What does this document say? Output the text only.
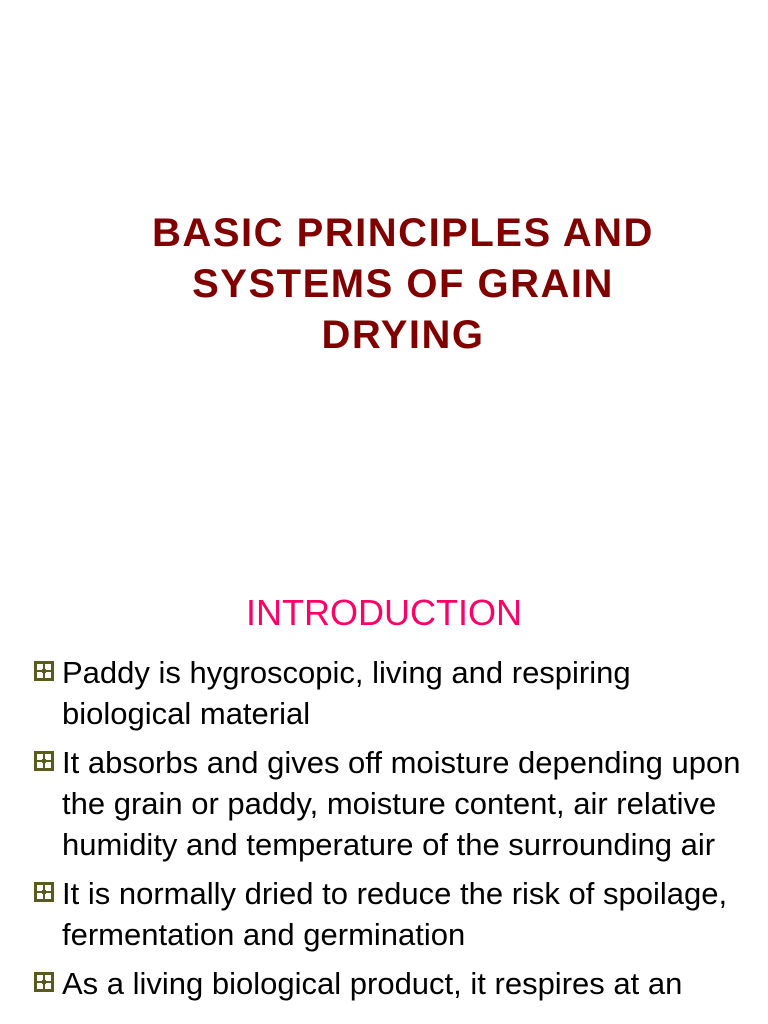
BASIC PRINCIPLES AND
SYSTEMS OF GRAIN
DRYING
INTRODUCTION
Paddy is hygroscopic, living and respiring biological material
It absorbs and gives off moisture depending upon the grain or paddy, moisture content, air relative humidity and temperature of the surrounding air
It is normally dried to reduce the risk of spoilage, fermentation and germination
As a living biological product, it respires at an
